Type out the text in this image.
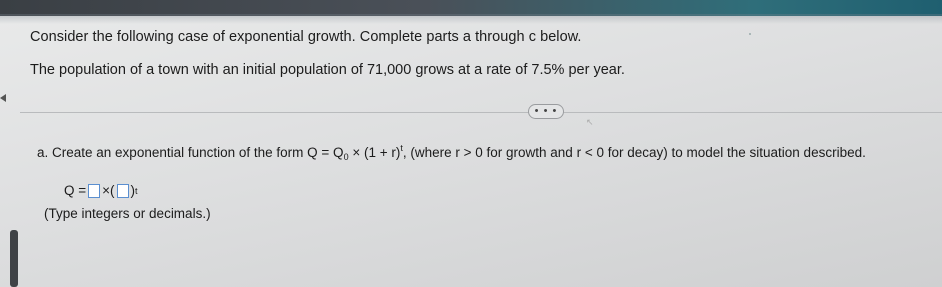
Consider the following case of exponential growth. Complete parts a through c below.
The population of a town with an initial population of 71,000 grows at a rate of 7.5% per year.
• • •
↖
a. Create an exponential function of the form $Q = Q_0 \times (1 + r)^t$, (where r > 0 for growth and r < 0 for decay) to model the situation described.
Q = × ( ) t
(Type integers or decimals.)
